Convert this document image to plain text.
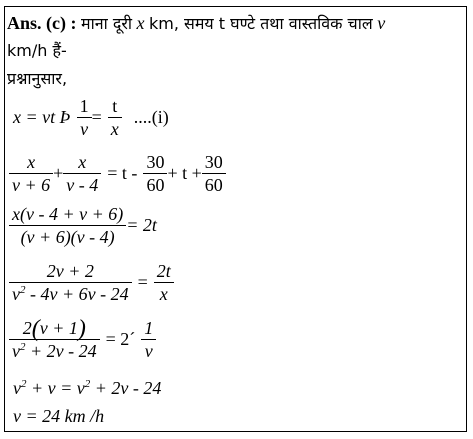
Ans. (c) : माना दूरी x km, समय t घण्टे तथा वास्तविक चाल v
km/h हैं-
प्रश्नानुसार,
x = vt Þ $\frac{1}{v} = \frac{t}{x} ....(i)$
$\frac{x}{v + 6} + \frac{x}{v - 4} = t - \frac{30}{60} + t + \frac{30}{60}$
$\frac{x(v - 4 + v + 6)}{(v + 6)(v - 4)} = 2t$
$\frac{2v + 2}{v^2 - 4v + 6v - 24} = \frac{2t}{x}$
$\frac{2(v + 1)}{v^2 + 2v - 24}$ = 2´ $\frac{1}{v}$
$v^2 + v = v^2 + 2v - 24$
v = 24 km /h
